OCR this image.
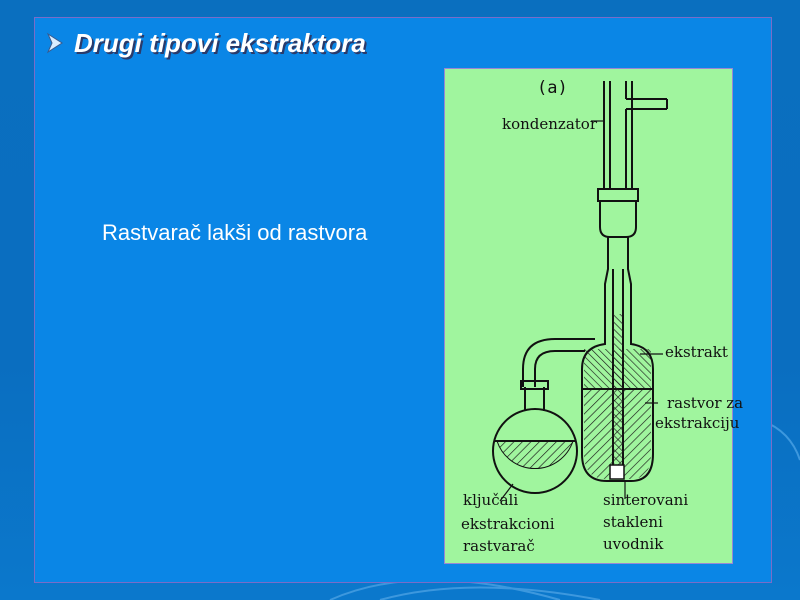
Drugi tipovi ekstraktora
Rastvarač lakši od rastvora
(a)
kondenzator
ekstrakt
rastvor za
ekstrakciju
ključali
ekstrakcioni
rastvarač
sinterovani
stakleni
uvodnik
